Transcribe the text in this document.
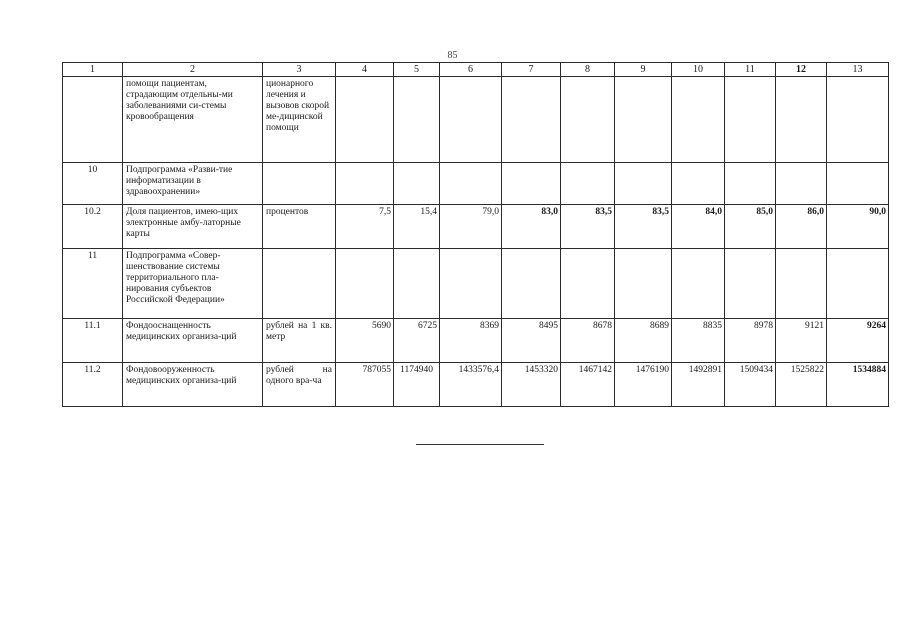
85
1	2	3	4	5	6	7	8	9	10	11	12	13
	помощи пациентам, страдающим отдельны-ми заболеваниями си-стемы кровообращения	ционарного лечения и вызовов скорой ме-дицинской помощи										
10	Подпрограмма «Разви-тие информатизации в здравоохранении»											
10.2	Доля пациентов, имею-щих электронные амбу-латорные карты	процентов	7,5	15,4	79,0	83,0	83,5	83,5	84,0	85,0	86,0	90,0
11	Подпрограмма «Совер-шенствование системы территориального пла-нирования субъектов Российской Федерации»											
11.1	Фондооснащенность медицинских организа-ций	рублей на 1 кв. метр	5690	6725	8369	8495	8678	8689	8835	8978	9121	9264
11.2	Фондовооруженность медицинских организа-ций	рублей на одного вра-ча	787055	1174940	1433576,4	1453320	1467142	1476190	1492891	1509434	1525822	1534884
